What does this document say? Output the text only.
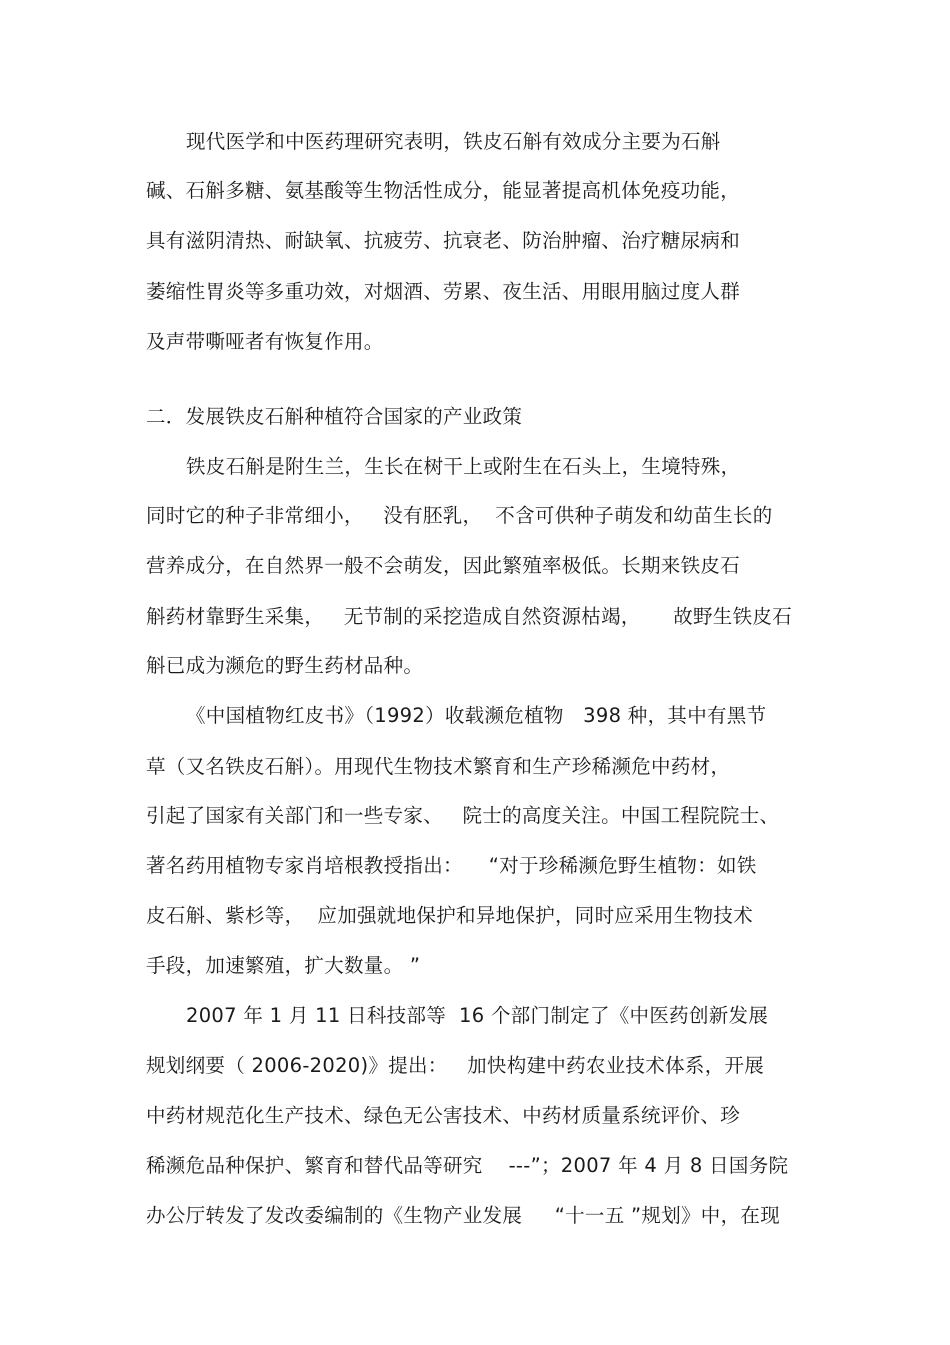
现代医学和中医药理研究表明，铁皮石斛有效成分主要为石斛
碱、石斛多糖、氨基酸等生物活性成分，能显著提高机体免疫功能，
具有滋阴清热、耐缺氧、抗疲劳、抗衰老、防治肿瘤、治疗糖尿病和
萎缩性胃炎等多重功效，对烟酒、劳累、夜生活、用眼用脑过度人群
及声带嘶哑者有恢复作用。
二．发展铁皮石斛种植符合国家的产业政策
铁皮石斛是附生兰，生长在树干上或附生在石头上，生境特殊，
同时它的种子非常细小，   没有胚乳，  不含可供种子萌发和幼苗生长的
营养成分，在自然界一般不会萌发，因此繁殖率极低。长期来铁皮石
斛药材靠野生采集，   无节制的采挖造成自然资源枯竭，     故野生铁皮石
斛已成为濒危的野生药材品种。
《中国植物红皮书》（1992）收载濒危植物   398 种，其中有黑节
草（又名铁皮石斛）。用现代生物技术繁育和生产珍稀濒危中药材，
引起了国家有关部门和一些专家、   院士的高度关注。中国工程院院士、
著名药用植物专家肖培根教授指出：    “对于珍稀濒危野生植物：如铁
皮石斛、紫杉等，  应加强就地保护和异地保护，同时应采用生物技术
手段，加速繁殖，扩大数量。 ”
2007 年 1 月 11 日科技部等  16 个部门制定了《中医药创新发展
规划纲要（ 2006-2020)》提出：   加快构建中药农业技术体系，开展
中药材规范化生产技术、绿色无公害技术、中药材质量系统评价、珍
稀濒危品种保护、繁育和替代品等研究    ---”；2007 年 4 月 8 日国务院
办公厅转发了发改委编制的《生物产业发展     “十一五 ”规划》中，在现
